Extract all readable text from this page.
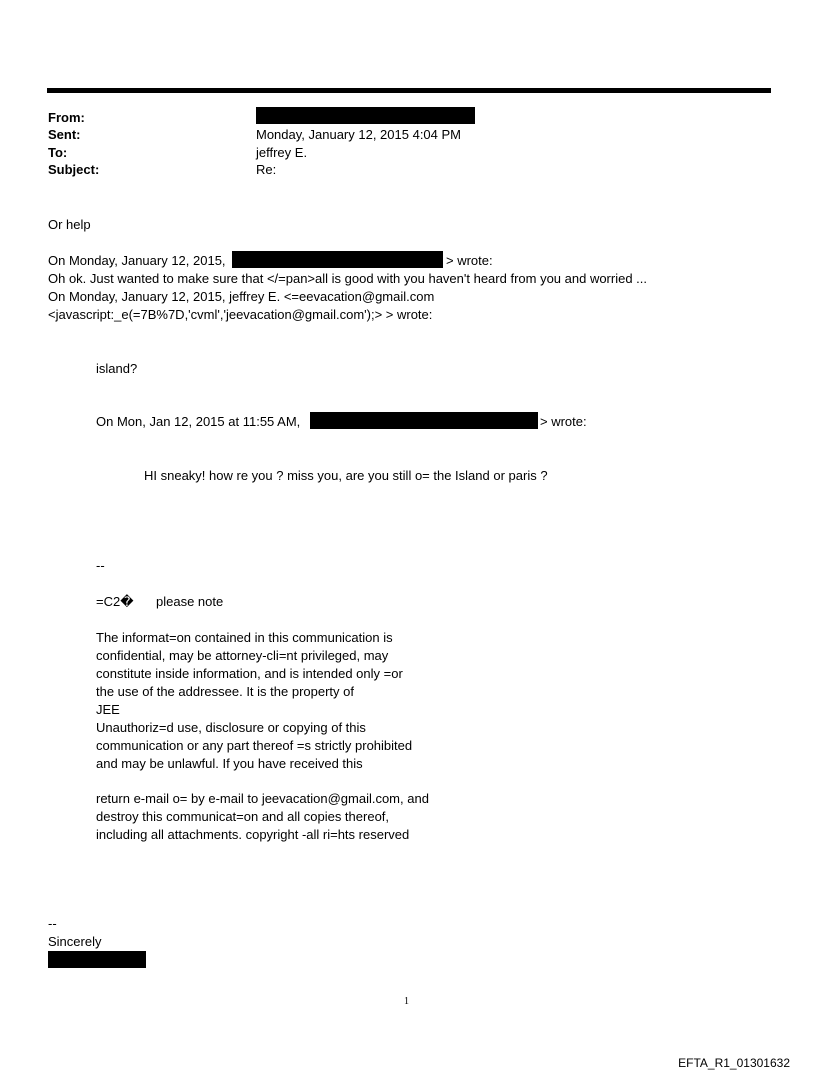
From:
Sent:	Monday, January 12, 2015 4:04 PM
To:	jeffrey E.
Subject:	Re:
Or help
On Monday, January 12, 2015,	> wrote:
Oh ok. Just wanted to make sure that </=pan>all is good with you haven't heard from you and worried ...
On Monday, January 12, 2015, jeffrey E. <=eevacation@gmail.com
<javascript:_e(=7B%7D,'cvml','jeevacation@gmail.com');> > wrote:
island?
On Mon, Jan 12, 2015 at 11:55 AM,	> wrote:
HI sneaky! how re you ? miss you, are you still o= the Island or paris ?
--
=C2� please note
The informat=on contained in this communication is
confidential, may be attorney-cli=nt privileged, may
constitute inside information, and is intended only =or
the use of the addressee. It is the property of
JEE
Unauthoriz=d use, disclosure or copying of this
communication or any part thereof =s strictly prohibited
and may be unlawful. If you have received this
return e-mail o= by e-mail to jeevacation@gmail.com, and
destroy this communicat=on and all copies thereof,
including all attachments. copyright -all ri=hts reserved
--
Sincerely
1
EFTA_R1_01301632
